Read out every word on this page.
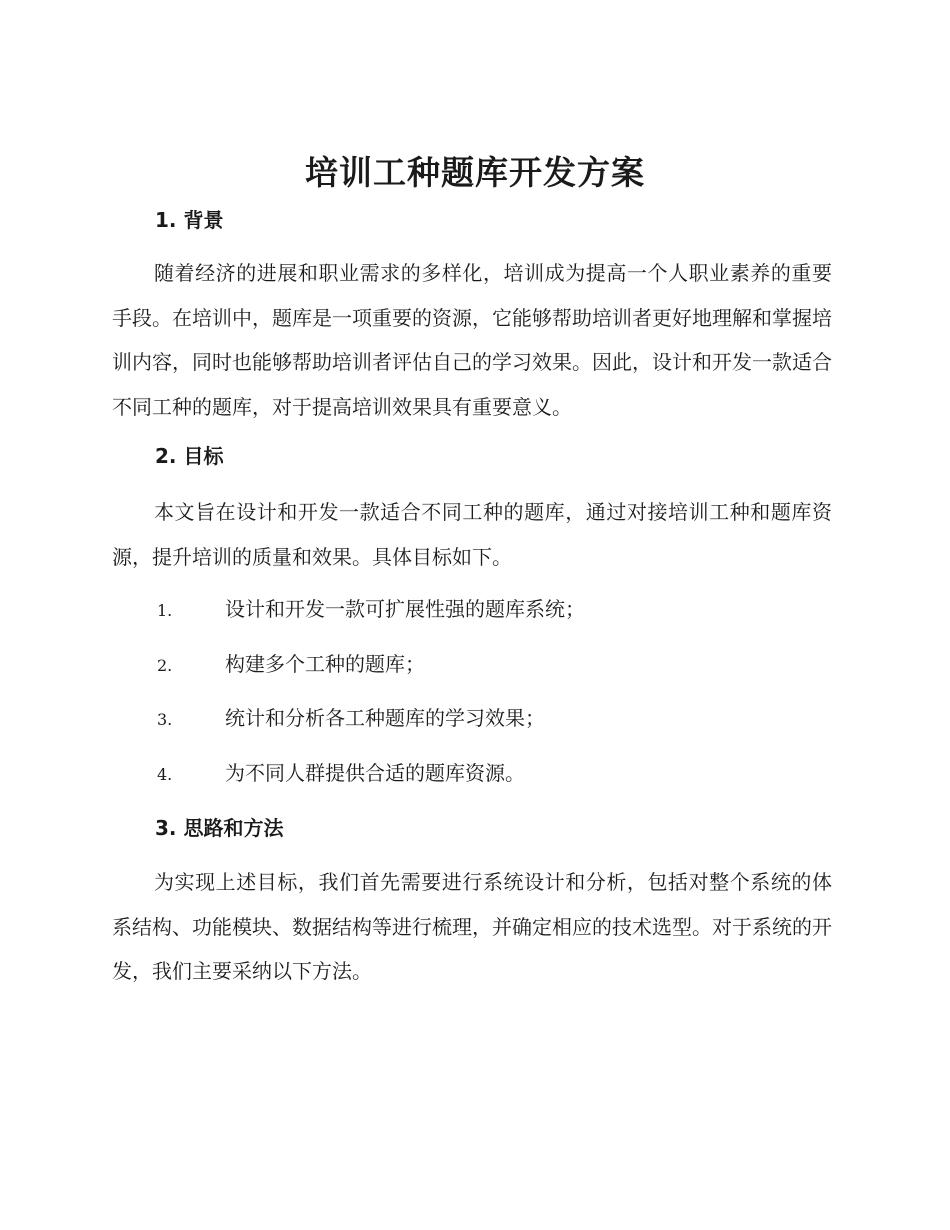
培训工种题库开发方案
1. 背景

随着经济的进展和职业需求的多样化，培训成为提高一个人职业素养的重要手段。在培训中，题库是一项重要的资源，它能够帮助培训者更好地理解和掌握培训内容，同时也能够帮助培训者评估自己的学习效果。因此，设计和开发一款适合不同工种的题库，对于提高培训效果具有重要意义。

2. 目标

本文旨在设计和开发一款适合不同工种的题库，通过对接培训工种和题库资源，提升培训的质量和效果。具体目标如下。

1.	设计和开发一款可扩展性强的题库系统；
2.	构建多个工种的题库；
3.	统计和分析各工种题库的学习效果；
4.	为不同人群提供合适的题库资源。
3. 思路和方法

为实现上述目标，我们首先需要进行系统设计和分析，包括对整个系统的体系结构、功能模块、数据结构等进行梳理，并确定相应的技术选型。对于系统的开发，我们主要采纳以下方法。
